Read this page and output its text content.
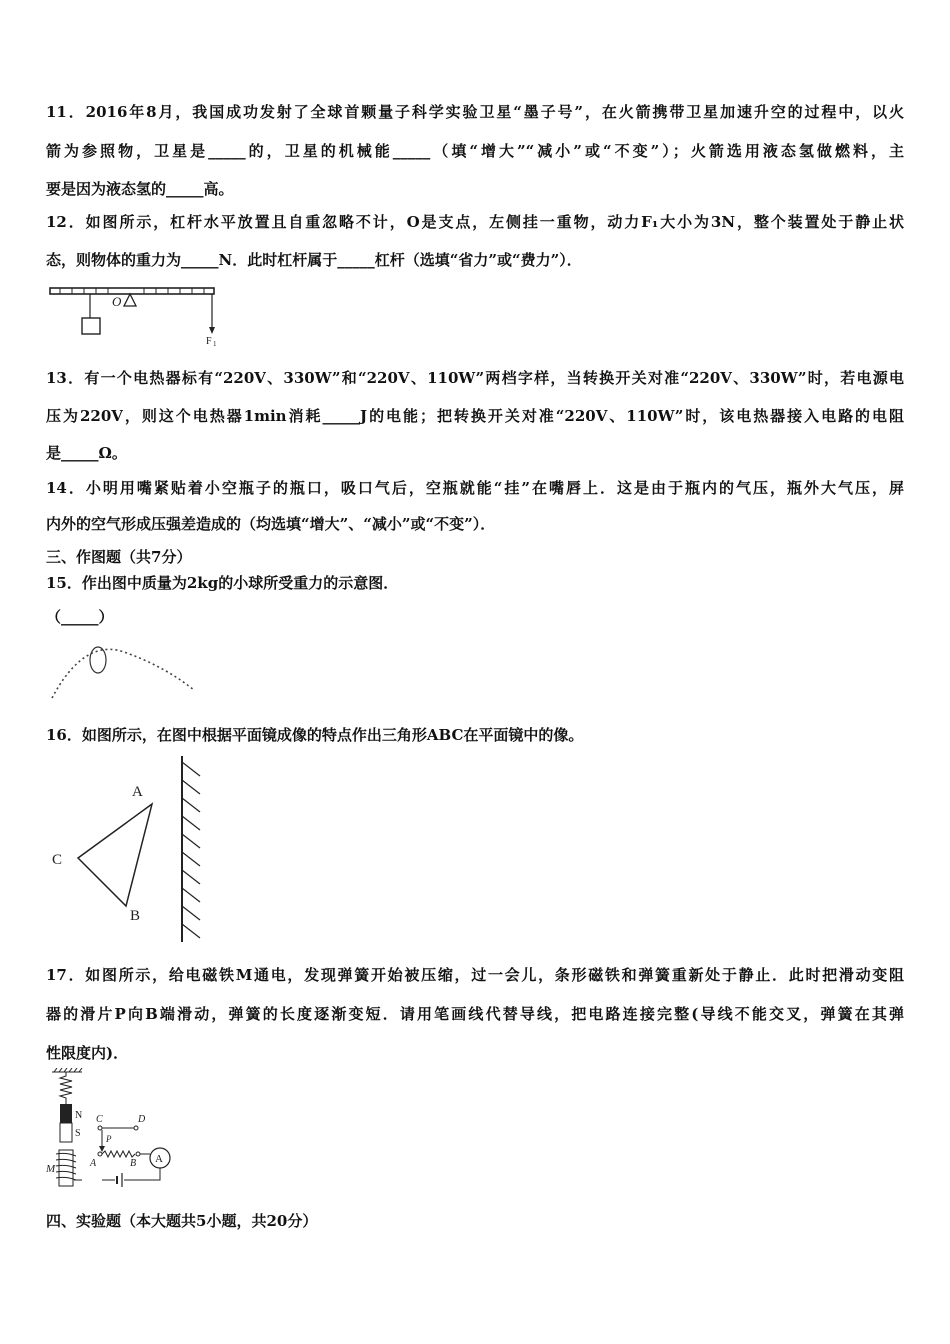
11．2016年8月，我国成功发射了全球首颗量子科学实验卫星“墨子号”，在火箭携带卫星加速升空的过程中，以火
箭为参照物，卫星是_____的，卫星的机械能_____（填“增大”“减小”或“不变”）；火箭选用液态氢做燃料，主
要是因为液态氢的_____高。
12．如图所示，杠杆水平放置且自重忽略不计，O是支点，左侧挂一重物，动力F₁大小为3N，整个装置处于静止状
态，则物体的重力为_____N．此时杠杆属于_____杠杆（选填“省力”或“费力”）．
O
F 1
13．有一个电热器标有“220V、330W”和“220V、110W”两档字样，当转换开关对准“220V、330W”时，若电源电
压为220V，则这个电热器1min消耗_____J的电能；把转换开关对准“220V、110W”时，该电热器接入电路的电阻
是_____Ω。
14．小明用嘴紧贴着小空瓶子的瓶口，吸口气后，空瓶就能“挂”在嘴唇上．这是由于瓶内的气压，瓶外大气压，屏
内外的空气形成压强差造成的（均选填“增大”、“减小”或“不变”）．
三、作图题（共7分）
15．作出图中质量为2kg的小球所受重力的示意图．
（_____）
16．如图所示，在图中根据平面镜成像的特点作出三角形ABC在平面镜中的像。
A
B
C
17．如图所示，给电磁铁M通电，发现弹簧开始被压缩，过一会儿，条形磁铁和弹簧重新处于静止．此时把滑动变阻
器的滑片P向B端滑动，弹簧的长度逐渐变短．请用笔画线代替导线，把电路连接完整(导线不能交叉，弹簧在其弹
性限度内)．
N
S
M
C	D
P
A	B A
四、实验题（本大题共5小题，共20分）
